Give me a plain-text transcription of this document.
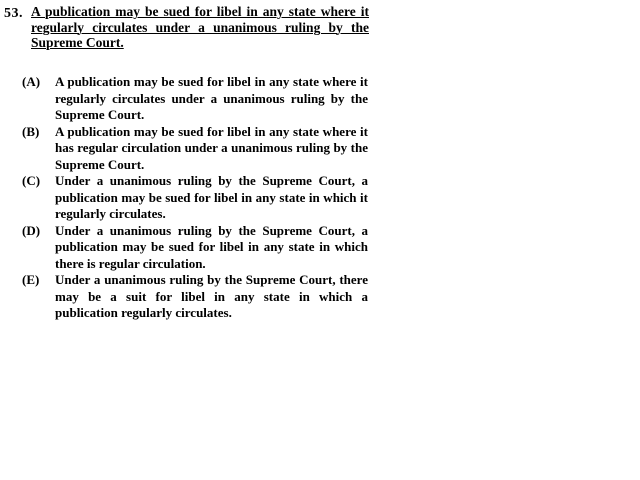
53. A publication may be sued for libel in any state where it regularly circulates under a unanimous ruling by the Supreme Court.
(A) A publication may be sued for libel in any state where it regularly circulates under a unanimous ruling by the Supreme Court.
(B) A publication may be sued for libel in any state where it has regular circulation under a unanimous ruling by the Supreme Court.
(C) Under a unanimous ruling by the Supreme Court, a publication may be sued for libel in any state in which it regularly circulates.
(D) Under a unanimous ruling by the Supreme Court, a publication may be sued for libel in any state in which there is regular circulation.
(E) Under a unanimous ruling by the Supreme Court, there may be a suit for libel in any state in which a publication regularly circulates.
